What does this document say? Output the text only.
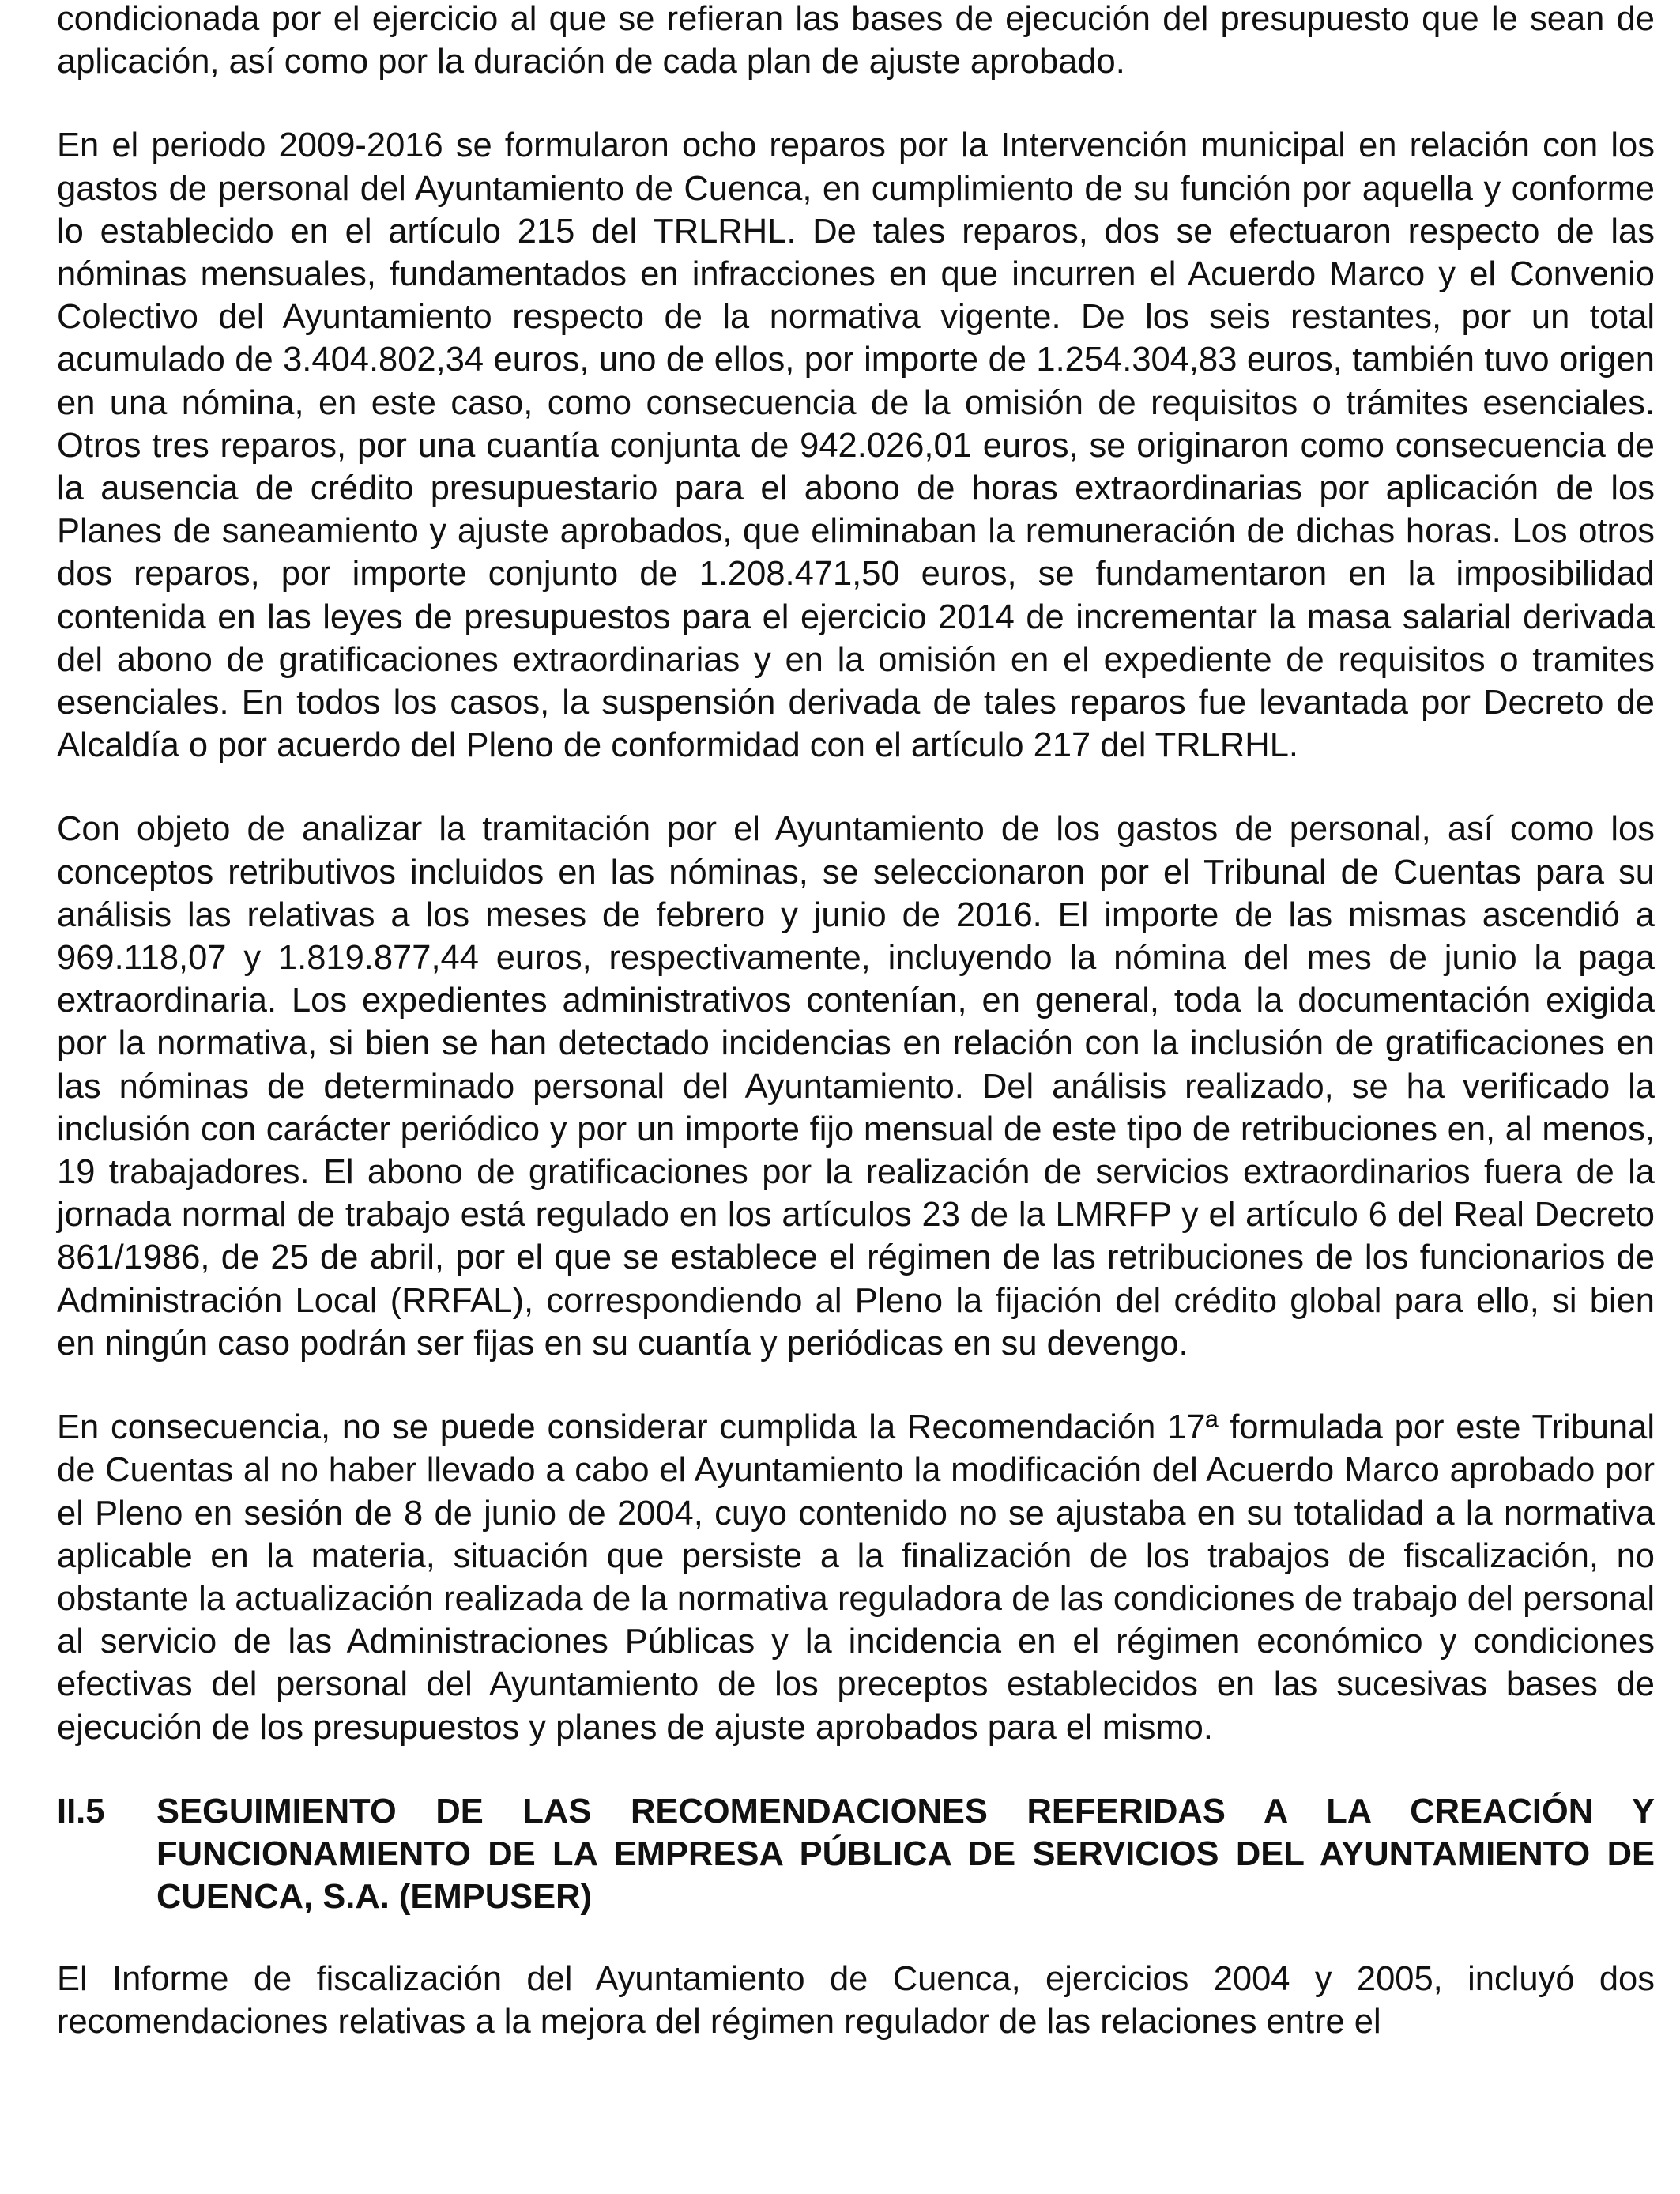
condicionada por el ejercicio al que se refieran las bases de ejecución del presupuesto que le sean de aplicación, así como por la duración de cada plan de ajuste aprobado.

En el periodo 2009-2016 se formularon ocho reparos por la Intervención municipal en relación con los gastos de personal del Ayuntamiento de Cuenca, en cumplimiento de su función por aquella y conforme lo establecido en el artículo 215 del TRLRHL. De tales reparos, dos se efectuaron respecto de las nóminas mensuales, fundamentados en infracciones en que incurren el Acuerdo Marco y el Convenio Colectivo del Ayuntamiento respecto de la normativa vigente. De los seis restantes, por un total acumulado de 3.404.802,34 euros, uno de ellos, por importe de 1.254.304,83 euros, también tuvo origen en una nómina, en este caso, como consecuencia de la omisión de requisitos o trámites esenciales. Otros tres reparos, por una cuantía conjunta de 942.026,01 euros, se originaron como consecuencia de la ausencia de crédito presupuestario para el abono de horas extraordinarias por aplicación de los Planes de saneamiento y ajuste aprobados, que eliminaban la remuneración de dichas horas. Los otros dos reparos, por importe conjunto de 1.208.471,50 euros, se fundamentaron en la imposibilidad contenida en las leyes de presupuestos para el ejercicio 2014 de incrementar la masa salarial derivada del abono de gratificaciones extraordinarias y en la omisión en el expediente de requisitos o tramites esenciales. En todos los casos, la suspensión derivada de tales reparos fue levantada por Decreto de Alcaldía o por acuerdo del Pleno de conformidad con el artículo 217 del TRLRHL.

Con objeto de analizar la tramitación por el Ayuntamiento de los gastos de personal, así como los conceptos retributivos incluidos en las nóminas, se seleccionaron por el Tribunal de Cuentas para su análisis las relativas a los meses de febrero y junio de 2016. El importe de las mismas ascendió a 969.118,07 y 1.819.877,44 euros, respectivamente, incluyendo la nómina del mes de junio la paga extraordinaria. Los expedientes administrativos contenían, en general, toda la documentación exigida por la normativa, si bien se han detectado incidencias en relación con la inclusión de gratificaciones en las nóminas de determinado personal del Ayuntamiento. Del análisis realizado, se ha verificado la inclusión con carácter periódico y por un importe fijo mensual de este tipo de retribuciones en, al menos, 19 trabajadores. El abono de gratificaciones por la realización de servicios extraordinarios fuera de la jornada normal de trabajo está regulado en los artículos 23 de la LMRFP y el artículo 6 del Real Decreto 861/1986, de 25 de abril, por el que se establece el régimen de las retribuciones de los funcionarios de Administración Local (RRFAL), correspondiendo al Pleno la fijación del crédito global para ello, si bien en ningún caso podrán ser fijas en su cuantía y periódicas en su devengo.

En consecuencia, no se puede considerar cumplida la Recomendación 17ª formulada por este Tribunal de Cuentas al no haber llevado a cabo el Ayuntamiento la modificación del Acuerdo Marco aprobado por el Pleno en sesión de 8 de junio de 2004, cuyo contenido no se ajustaba en su totalidad a la normativa aplicable en la materia, situación que persiste a la finalización de los trabajos de fiscalización, no obstante la actualización realizada de la normativa reguladora de las condiciones de trabajo del personal al servicio de las Administraciones Públicas y la incidencia en el régimen económico y condiciones efectivas del personal del Ayuntamiento de los preceptos establecidos en las sucesivas bases de ejecución de los presupuestos y planes de ajuste aprobados para el mismo.

II.5	SEGUIMIENTO DE LAS RECOMENDACIONES REFERIDAS A LA CREACIÓN Y FUNCIONAMIENTO DE LA EMPRESA PÚBLICA DE SERVICIOS DEL AYUNTAMIENTO DE CUENCA, S.A. (EMPUSER)

El Informe de fiscalización del Ayuntamiento de Cuenca, ejercicios 2004 y 2005, incluyó dos recomendaciones relativas a la mejora del régimen regulador de las relaciones entre el
